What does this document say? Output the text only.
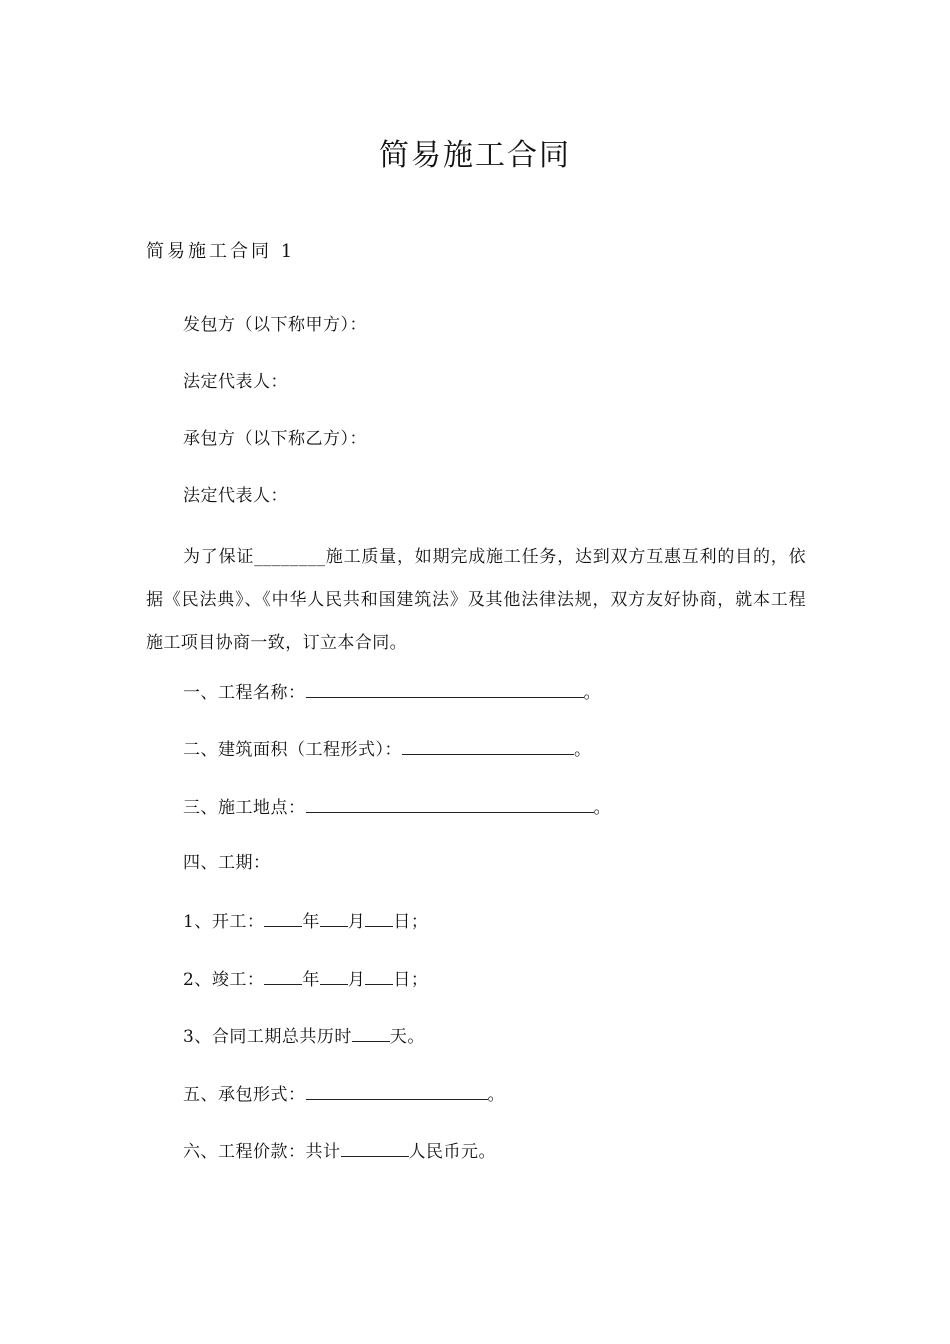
简易施工合同
简易施工合同 1
发包方（以下称甲方）：
法定代表人：
承包方（以下称乙方）：
法定代表人：
为了保证________施工质量，如期完成施工任务，达到双方互惠互利的目的，依据《民法典》、《中华人民共和国建筑法》及其他法律法规，双方友好协商，就本工程施工项目协商一致，订立本合同。
一、工程名称：	。
二、建筑面积（工程形式）：	。
三、施工地点：	。
四、工期：
1、开工： 年 月 日；
2、竣工： 年 月 日；
3、合同工期总共历时 天。
五、承包形式：	。
六、工程价款：共计	人民币元。
